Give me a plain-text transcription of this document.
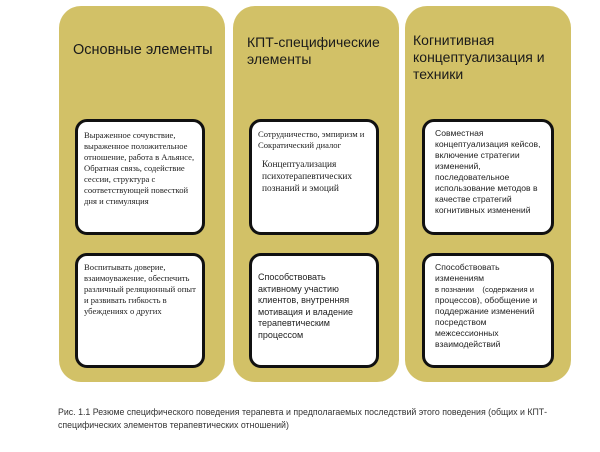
Основные элементы

Выраженное сочувствие, выраженное положительное отношение, работа в Альянсе, Обратная связь, содействие сессии, структура с соответствующей повесткой дня и стимуляция

Воспитывать доверие, взаимоуважение, обеспечить различный реляционный опыт и развивать гибкость в убеждениях о других

КПТ-специфические элементы

Сотрудничество, эмпиризм и Сократический диалог

Концептуализация психотерапевтических познаний и эмоций

Способствовать активному участию клиентов, внутренняя мотивация и владение терапевтическим процессом

Когнитивная концептуализация и техники

Совместная концептуализация кейсов, включение стратегии изменений, последовательное использование методов в качестве стратегий когнитивных изменений

Способствовать изменениям

в познании    (содержания и

процессов), обобщение и поддержание изменений посредством межсессионных взаимодействий

Рис. 1.1 Резюме специфического поведения терапевта и предполагаемых последствий этого поведения (общих и КПТ-специфических элементов терапевтических отношений)
